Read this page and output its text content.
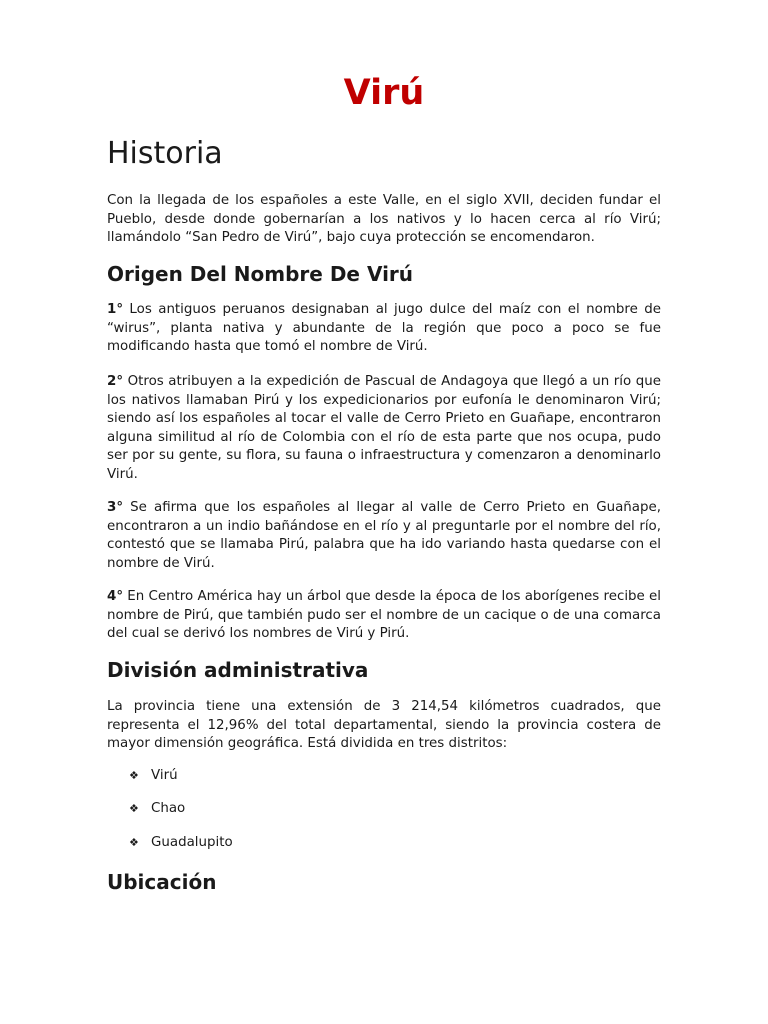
Virú
Historia

Con la llegada de los españoles a este Valle, en el siglo XVII, deciden fundar el Pueblo, desde donde gobernarían a los nativos y lo hacen cerca al río Virú; llamándolo “San Pedro de Virú”, bajo cuya protección se encomendaron.

Origen Del Nombre De Virú

1° Los antiguos peruanos designaban al jugo dulce del maíz con el nombre de “wirus”, planta nativa y abundante de la región que poco a poco se fue modificando hasta que tomó el nombre de Virú.

2° Otros atribuyen a la expedición de Pascual de Andagoya que llegó a un río que los nativos llamaban Pirú y los expedicionarios por eufonía le denominaron Virú; siendo así los españoles al tocar el valle de Cerro Prieto en Guañape, encontraron alguna similitud al río de Colombia con el río de esta parte que nos ocupa, pudo ser por su gente, su flora, su fauna o infraestructura y comenzaron a denominarlo Virú.

3° Se afirma que los españoles al llegar al valle de Cerro Prieto en Guañape, encontraron a un indio bañándose en el río y al preguntarle por el nombre del río, contestó que se llamaba Pirú, palabra que ha ido variando hasta quedarse con el nombre de Virú.

4° En Centro América hay un árbol que desde la época de los aborígenes recibe el nombre de Pirú, que también pudo ser el nombre de un cacique o de una comarca del cual se derivó los nombres de Virú y Pirú.

División administrativa

La provincia tiene una extensión de 3 214,54 kilómetros cuadrados, que representa el 12,96% del total departamental, siendo la provincia costera de mayor dimensión geográfica. Está dividida en tres distritos:

❖ Virú
❖ Chao
❖ Guadalupito
Ubicación
